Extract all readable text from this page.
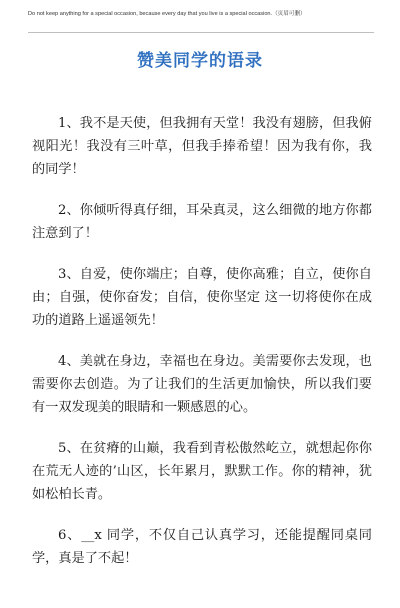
Do not keep anything for a special occasion, because every day that you live is a special occasion.（页眉可删）
赞美同学的语录

1、我不是天使，但我拥有天堂！我没有翅膀，但我俯视阳光！我没有三叶草，但我手捧希望！因为我有你，我的同学！

2、你倾听得真仔细，耳朵真灵，这么细微的地方你都注意到了！

3、自爱，使你端庄；自尊，使你高雅；自立，使你自由；自强，使你奋发；自信，使你坚定 这一切将使你在成功的道路上遥遥领先！

4、美就在身边，幸福也在身边。美需要你去发现，也需要你去创造。为了让我们的生活更加愉快，所以我们要有一双发现美的眼睛和一颗感恩的心。

5、在贫瘠的山巅，我看到青松傲然屹立，就想起你你在荒无人迹的’山区，长年累月，默默工作。你的精神，犹如松柏长青。

6、__x 同学，不仅自己认真学习，还能提醒同桌同学，真是了不起！
